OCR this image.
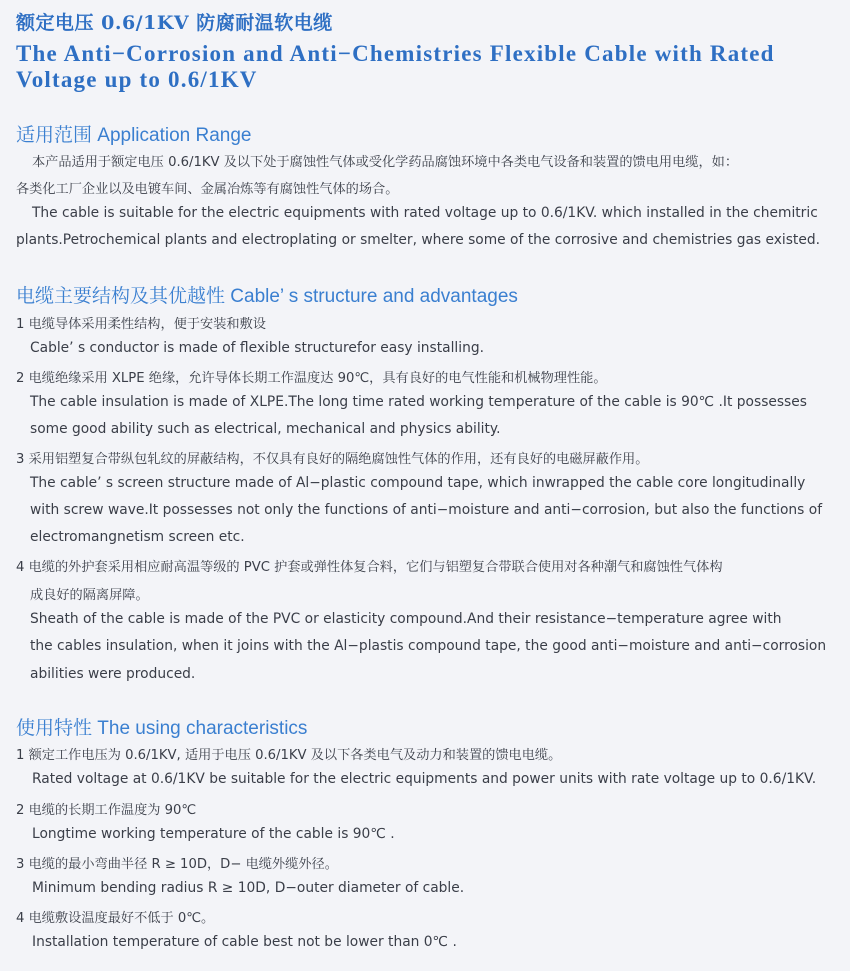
额定电压 0.6/1KV 防腐耐温软电缆
The Anti−Corrosion and Anti−Chemistries Flexible Cable with Rated Voltage up to 0.6/1KV
适用范围 Application Range
本产品适用于额定电压 0.6/1KV 及以下处于腐蚀性气体或受化学药品腐蚀环境中各类电气设备和装置的馈电用电缆，如：
各类化工厂企业以及电镀车间、金属冶炼等有腐蚀性气体的场合。
The cable is suitable for the electric equipments with rated voltage up to 0.6/1KV. which installed in the chemitric
plants.Petrochemical plants and electroplating or smelter, where some of the corrosive and chemistries gas existed.
电缆主要结构及其优越性 Cable’ s structure and advantages
1 电缆导体采用柔性结构，便于安装和敷设
Cable’ s conductor is made of flexible structurefor easy installing.
2 电缆绝缘采用 XLPE 绝缘，允许导体长期工作温度达 90℃，具有良好的电气性能和机械物理性能。
The cable insulation is made of XLPE.The long time rated working temperature of the cable is 90℃ .It possesses
some good ability such as electrical, mechanical and physics ability.
3 采用铝塑复合带纵包轧纹的屏蔽结构，不仅具有良好的隔绝腐蚀性气体的作用，还有良好的电磁屏蔽作用。
The cable’ s screen structure made of Al−plastic compound tape, which inwrapped the cable core longitudinally
with screw wave.It possesses not only the functions of anti−moisture and anti−corrosion, but also the functions of
electromangnetism screen etc.
4 电缆的外护套采用相应耐高温等级的 PVC 护套或弹性体复合料，它们与铝塑复合带联合使用对各种潮气和腐蚀性气体构
成良好的隔离屏障。
Sheath of the cable is made of the PVC or elasticity compound.And their resistance−temperature agree with
the cables insulation, when it joins with the Al−plastis compound tape, the good anti−moisture and anti−corrosion
abilities were produced.
使用特性 The using characteristics
1 额定工作电压为 0.6/1KV, 适用于电压 0.6/1KV 及以下各类电气及动力和装置的馈电电缆。
Rated voltage at 0.6/1KV be suitable for the electric equipments and power units with rate voltage up to 0.6/1KV.
2 电缆的长期工作温度为 90℃
Longtime working temperature of the cable is 90℃ .
3 电缆的最小弯曲半径 R ≥ 10D，D− 电缆外缆外径。
Minimum bending radius R ≥ 10D, D−outer diameter of cable.
4 电缆敷设温度最好不低于 0℃。
Installation temperature of cable best not be lower than 0℃ .
